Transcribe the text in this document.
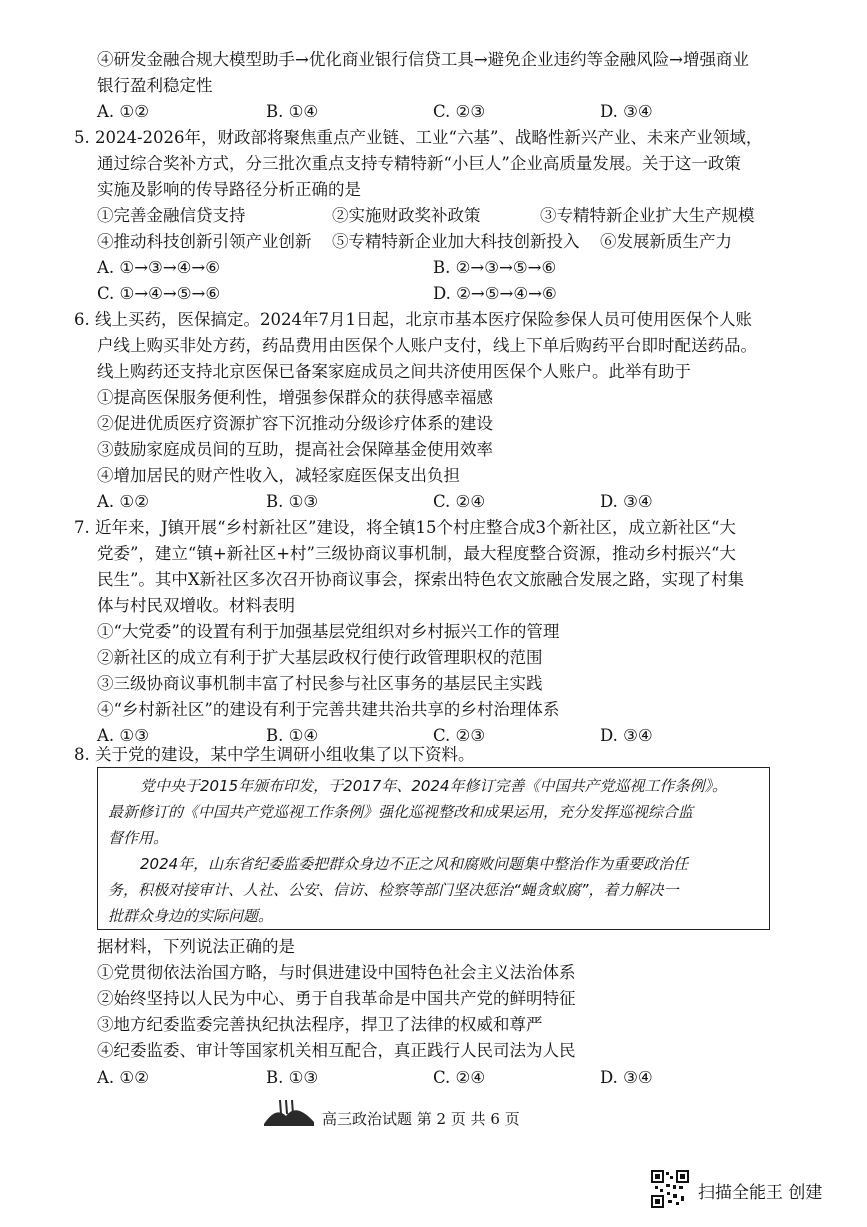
④研发金融合规大模型助手→优化商业银行信贷工具→避免企业违约等金融风险→增强商业
银行盈利稳定性
A. ①②	B. ①④	C. ②③	D. ③④
5. 2024-2026年，财政部将聚焦重点产业链、工业“六基”、战略性新兴产业、未来产业领域，
通过综合奖补方式，分三批次重点支持专精特新“小巨人”企业高质量发展。关于这一政策
实施及影响的传导路径分析正确的是
①完善金融信贷支持	②实施财政奖补政策	③专精特新企业扩大生产规模
④推动科技创新引领产业创新 ⑤专精特新企业加大科技创新投入 ⑥发展新质生产力
A. ①→③→④→⑥	B. ②→③→⑤→⑥
C. ①→④→⑤→⑥	D. ②→⑤→④→⑥
6. 线上买药，医保搞定。2024年7月1日起，北京市基本医疗保险参保人员可使用医保个人账
户线上购买非处方药，药品费用由医保个人账户支付，线上下单后购药平台即时配送药品。
线上购药还支持北京医保已备案家庭成员之间共济使用医保个人账户。此举有助于
①提高医保服务便利性，增强参保群众的获得感幸福感
②促进优质医疗资源扩容下沉推动分级诊疗体系的建设
③鼓励家庭成员间的互助，提高社会保障基金使用效率
④增加居民的财产性收入，减轻家庭医保支出负担
A. ①②	B. ①③	C. ②④	D. ③④
7. 近年来，J镇开展“乡村新社区”建设，将全镇15个村庄整合成3个新社区，成立新社区“大
党委”，建立“镇+新社区+村”三级协商议事机制，最大程度整合资源，推动乡村振兴“大
民生”。其中X新社区多次召开协商议事会，探索出特色农文旅融合发展之路，实现了村集
体与村民双增收。材料表明
①“大党委”的设置有利于加强基层党组织对乡村振兴工作的管理
②新社区的成立有利于扩大基层政权行使行政管理职权的范围
③三级协商议事机制丰富了村民参与社区事务的基层民主实践
④“乡村新社区”的建设有利于完善共建共治共享的乡村治理体系
A. ①③	B. ①④	C. ②③	D. ③④
8. 关于党的建设，某中学生调研小组收集了以下资料。
党中央于2015年颁布印发，于2017年、2024年修订完善《中国共产党巡视工作条例》。
最新修订的《中国共产党巡视工作条例》强化巡视整改和成果运用，充分发挥巡视综合监
督作用。
2024年，山东省纪委监委把群众身边不正之风和腐败问题集中整治作为重要政治任
务，积极对接审计、人社、公安、信访、检察等部门坚决惩治“蝇贪蚁腐”，着力解决一
批群众身边的实际问题。
据材料，下列说法正确的是
①党贯彻依法治国方略，与时俱进建设中国特色社会主义法治体系
②始终坚持以人民为中心、勇于自我革命是中国共产党的鲜明特征
③地方纪委监委完善执纪执法程序，捍卫了法律的权威和尊严
④纪委监委、审计等国家机关相互配合，真正践行人民司法为人民
A. ①②	B. ①③	C. ②④	D. ③④
高三政治试题 第 2 页 共 6 页
扫描全能王 创建
